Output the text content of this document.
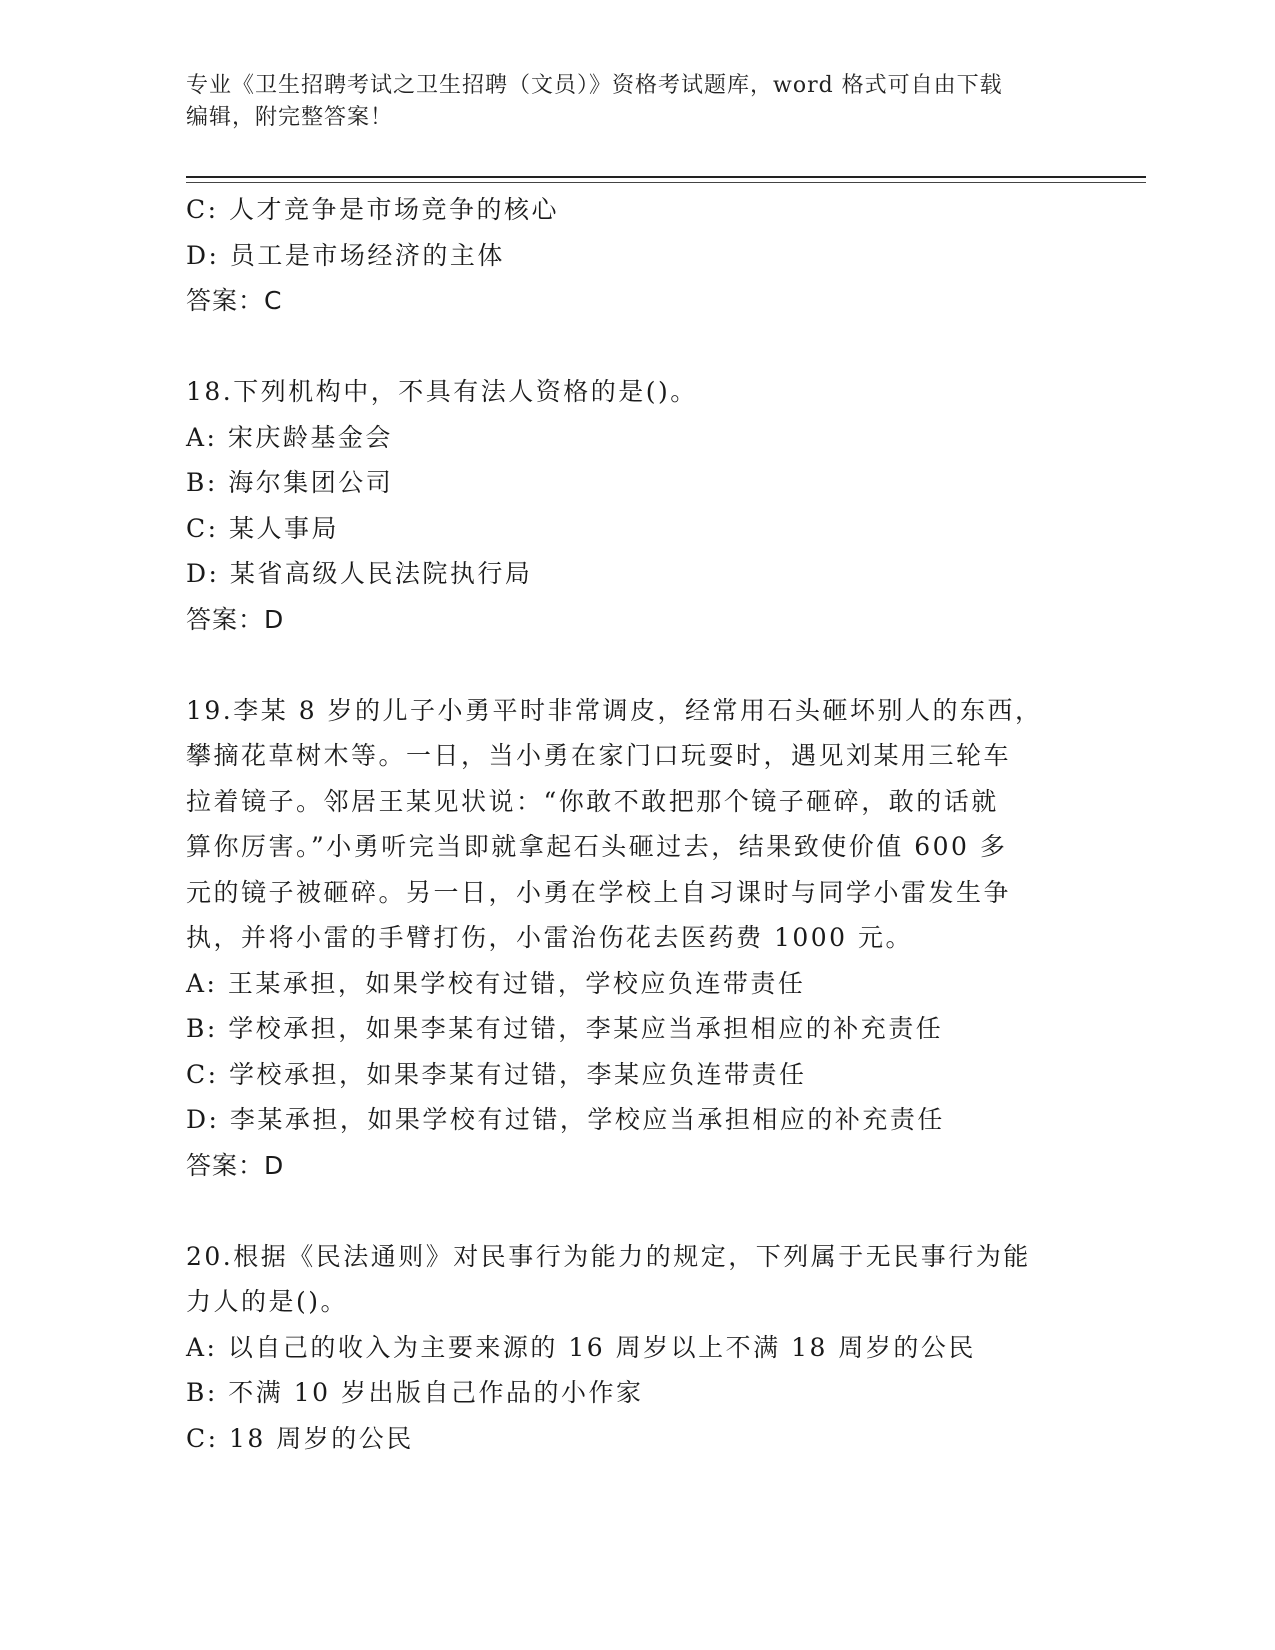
专业《卫生招聘考试之卫生招聘（文员）》资格考试题库，word 格式可自由下载
编辑，附完整答案！
C: 人才竞争是市场竞争的核心
D: 员工是市场经济的主体
答案：C
18.下列机构中，不具有法人资格的是()。
A: 宋庆龄基金会
B: 海尔集团公司
C: 某人事局
D: 某省高级人民法院执行局
答案：D
19.李某 8 岁的儿子小勇平时非常调皮，经常用石头砸坏别人的东西，
攀摘花草树木等。一日，当小勇在家门口玩耍时，遇见刘某用三轮车
拉着镜子。邻居王某见状说：“你敢不敢把那个镜子砸碎，敢的话就
算你厉害。”小勇听完当即就拿起石头砸过去，结果致使价值 600 多
元的镜子被砸碎。另一日，小勇在学校上自习课时与同学小雷发生争
执，并将小雷的手臂打伤，小雷治伤花去医药费 1000 元。
A: 王某承担，如果学校有过错，学校应负连带责任
B: 学校承担，如果李某有过错，李某应当承担相应的补充责任
C: 学校承担，如果李某有过错，李某应负连带责任
D: 李某承担，如果学校有过错，学校应当承担相应的补充责任
答案：D
20.根据《民法通则》对民事行为能力的规定，下列属于无民事行为能
力人的是()。
A: 以自己的收入为主要来源的 16 周岁以上不满 18 周岁的公民
B: 不满 10 岁出版自己作品的小作家
C: 18 周岁的公民
